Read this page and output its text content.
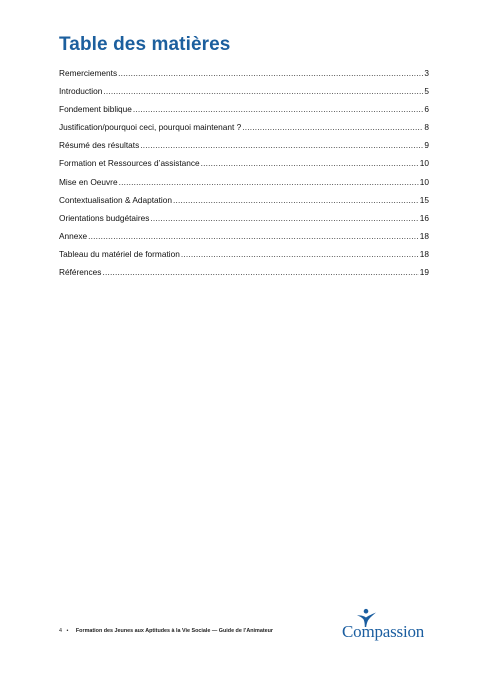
Table des matières
Remerciements .....	3
Introduction .....	5
Fondement biblique .....	6
Justification/pourquoi ceci, pourquoi maintenant ? .....	8
Résumé des résultats .....	9
Formation et Ressources d’assistance .....	10
Mise en Oeuvre .....	10
Contextualisation & Adaptation .....	15
Orientations budgétaires .....	16
Annexe .....	18
Tableau du matériel de formation .....	18
Références .....	19
4 • Formation des Jeunes aux Aptitudes à la Vie Sociale — Guide de l’Animateur	Compassion
